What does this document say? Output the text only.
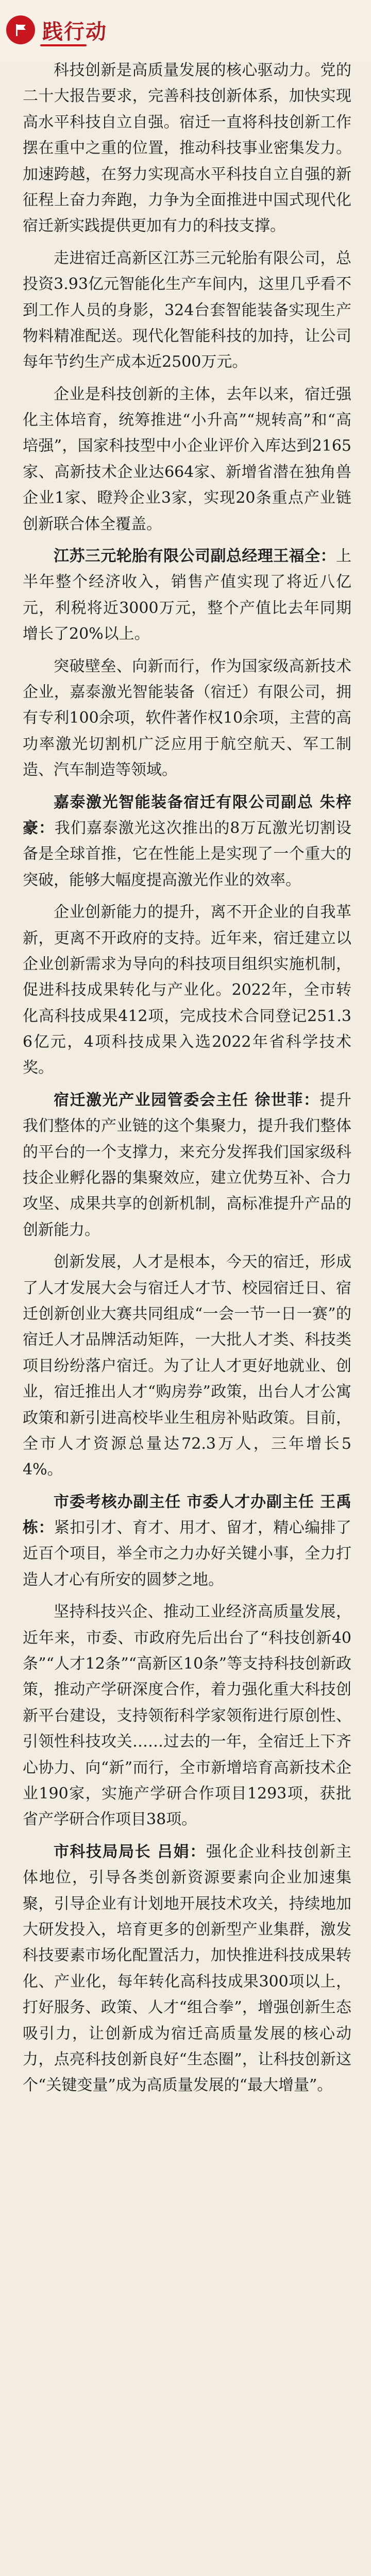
践行动

科技创新是高质量发展的核心驱动力。党的二十大报告要求，完善科技创新体系，加快实现高水平科技自立自强。宿迁一直将科技创新工作摆在重中之重的位置，推动科技事业密集发力。加速跨越，在努力实现高水平科技自立自强的新征程上奋力奔跑，力争为全面推进中国式现代化宿迁新实践提供更加有力的科技支撑。

走进宿迁高新区江苏三元轮胎有限公司，总投资3.93亿元智能化生产车间内，这里几乎看不到工作人员的身影，324台套智能装备实现生产物料精准配送。现代化智能科技的加持，让公司每年节约生产成本近2500万元。

企业是科技创新的主体，去年以来，宿迁强化主体培育，统筹推进“小升高”“规转高”和“高培强”，国家科技型中小企业评价入库达到2165家、高新技术企业达664家、新增省潜在独角兽企业1家、瞪羚企业3家，实现20条重点产业链创新联合体全覆盖。

江苏三元轮胎有限公司副总经理王福全：上半年整个经济收入，销售产值实现了将近八亿元，利税将近3000万元，整个产值比去年同期增长了20%以上。

突破壁垒、向新而行，作为国家级高新技术企业，嘉泰激光智能装备（宿迁）有限公司，拥有专利100余项，软件著作权10余项，主营的高功率激光切割机广泛应用于航空航天、军工制造、汽车制造等领域。

嘉泰激光智能装备宿迁有限公司副总 朱梓豪：我们嘉泰激光这次推出的8万瓦激光切割设备是全球首推，它在性能上是实现了一个重大的突破，能够大幅度提高激光作业的效率。

企业创新能力的提升，离不开企业的自我革新，更离不开政府的支持。近年来，宿迁建立以企业创新需求为导向的科技项目组织实施机制，促进科技成果转化与产业化。2022年，全市转化高科技成果412项，完成技术合同登记251.36亿元，4项科技成果入选2022年省科学技术奖。

宿迁激光产业园管委会主任 徐世菲：提升我们整体的产业链的这个集聚力，提升我们整体的平台的一个支撑力，来充分发挥我们国家级科技企业孵化器的集聚效应，建立优势互补、合力攻坚、成果共享的创新机制，高标准提升产品的创新能力。

创新发展，人才是根本，今天的宿迁，形成了人才发展大会与宿迁人才节、校园宿迁日、宿迁创新创业大赛共同组成“一会一节一日一赛”的宿迁人才品牌活动矩阵，一大批人才类、科技类项目纷纷落户宿迁。为了让人才更好地就业、创业，宿迁推出人才“购房券”政策，出台人才公寓政策和新引进高校毕业生租房补贴政策。目前，全市人才资源总量达72.3万人，三年增长54%。

市委考核办副主任 市委人才办副主任 王禹栋：紧扣引才、育才、用才、留才，精心编排了近百个项目，举全市之力办好关键小事，全力打造人才心有所安的圆梦之地。

坚持科技兴企、推动工业经济高质量发展，近年来，市委、市政府先后出台了“科技创新40条”“人才12条”“高新区10条”等支持科技创新政策，推动产学研深度合作，着力强化重大科技创新平台建设，支持领衔科学家领衔进行原创性、引领性科技攻关……过去的一年，全宿迁上下齐心协力、向“新”而行，全市新增培育高新技术企业190家，实施产学研合作项目1293项，获批省产学研合作项目38项。

市科技局局长 吕娟：强化企业科技创新主体地位，引导各类创新资源要素向企业加速集聚，引导企业有计划地开展技术攻关，持续地加大研发投入，培育更多的创新型产业集群，激发科技要素市场化配置活力，加快推进科技成果转化、产业化，每年转化高科技成果300项以上，打好服务、政策、人才“组合拳”，增强创新生态吸引力，让创新成为宿迁高质量发展的核心动力，点亮科技创新良好“生态圈”，让科技创新这个“关键变量”成为高质量发展的“最大增量”。
